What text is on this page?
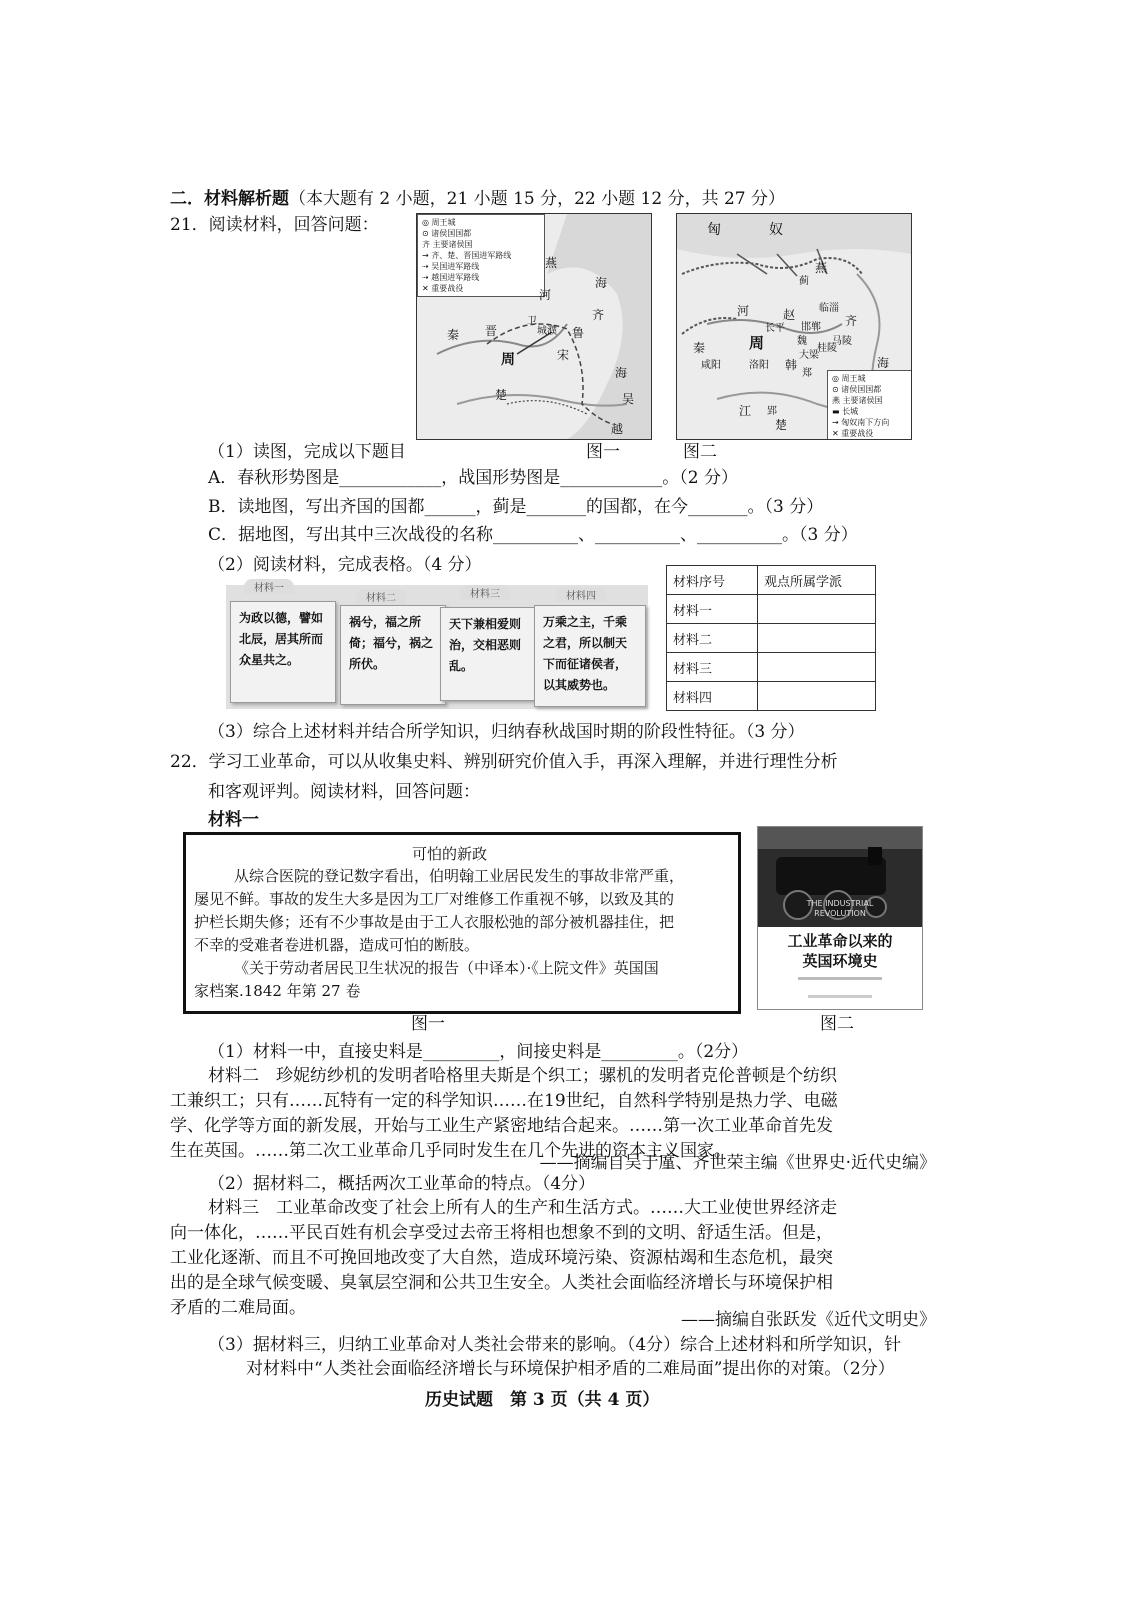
二．材料解析题（本大题有 2 小题，21 小题 15 分，22 小题 12 分，共 27 分）
21．阅读材料，回答问题：	◎ 周王城
⊙ 诸侯国国都
齐 主要诸侯国
→ 齐、楚、晋国进军路线
⇢ 吴国进军路线
⇢ 越国进军路线
✕ 重要战役
燕
秦 晋
周
卫
城濮 鲁
齐
宋
楚	吴
越
海
海
河
◎ 周王城
⊙ 诸侯国国都
燕 主要诸侯国
▬ 长城
→ 匈奴南下方向
✕ 重要战役
匈	奴
燕
蓟
赵
长平 邯郸
临淄
齐
马陵
桂陵
魏
大梁
秦
咸阳
周
洛阳 韩
郑
郢
楚
河
江
海
（1）读图，完成以下题目	图一	图二
A．春秋形势图是____________，战国形势图是____________。（2 分）
B．读地图，写出齐国的国都______，蓟是_______的国都，在今_______。（3 分）
C．据地图，写出其中三次战役的名称__________、__________、__________。（3 分）
（2）阅读材料，完成表格。（4 分）
材料一
为政以德，譬如北辰，居其所而众星共之。
材料二
祸兮，福之所倚；福兮，祸之所伏。
材料三
天下兼相爱则治，交相恶则乱。
材料四
万乘之主，千乘之君，所以制天下而征诸侯者，以其威势也。
材料序号	观点所属学派
材料一	
材料二	
材料三	
材料四	
（3）综合上述材料并结合所学知识，归纳春秋战国时期的阶段性特征。（3 分）
22．学习工业革命，可以从收集史料、辨别研究价值入手，再深入理解，并进行理性分析
和客观评判。阅读材料，回答问题：
材料一
可怕的新政
从综合医院的登记数字看出，伯明翰工业居民发生的事故非常严重，
屡见不鲜。事故的发生大多是因为工厂对维修工作重视不够，以致及其的
护栏长期失修；还有不少事故是由于工人衣服松弛的部分被机器挂住，把
不幸的受难者卷进机器，造成可怕的断肢。
《关于劳动者居民卫生状况的报告（中译本）·《上院文件》英国国
家档案.1842 年第 27 卷
THE INDUSTRIAL
REVOLUTION
工业革命以来的
英国环境史
图一	图二
（1）材料一中，直接史料是_________，间接史料是_________。（2分）
材料二　珍妮纺纱机的发明者哈格里夫斯是个织工；骡机的发明者克伦普顿是个纺织
工兼织工；只有……瓦特有一定的科学知识……在19世纪，自然科学特别是热力学、电磁
学、化学等方面的新发展，开始与工业生产紧密地结合起来。……第一次工业革命首先发
生在英国。……第二次工业革命几乎同时发生在几个先进的资本主义国家。
——摘编自吴于廑、齐世荣主编《世界史·近代史编》
（2）据材料二，概括两次工业革命的特点。（4分）
材料三　工业革命改变了社会上所有人的生产和生活方式。……大工业使世界经济走
向一体化，……平民百姓有机会享受过去帝王将相也想象不到的文明、舒适生活。但是，
工业化逐渐、而且不可挽回地改变了大自然，造成环境污染、资源枯竭和生态危机，最突
出的是全球气候变暖、臭氧层空洞和公共卫生安全。人类社会面临经济增长与环境保护相
矛盾的二难局面。
——摘编自张跃发《近代文明史》
（3）据材料三，归纳工业革命对人类社会带来的影响。（4分）综合上述材料和所学知识，针
对材料中“人类社会面临经济增长与环境保护相矛盾的二难局面”提出你的对策。（2分）
历史试题　第 3 页（共 4 页）
